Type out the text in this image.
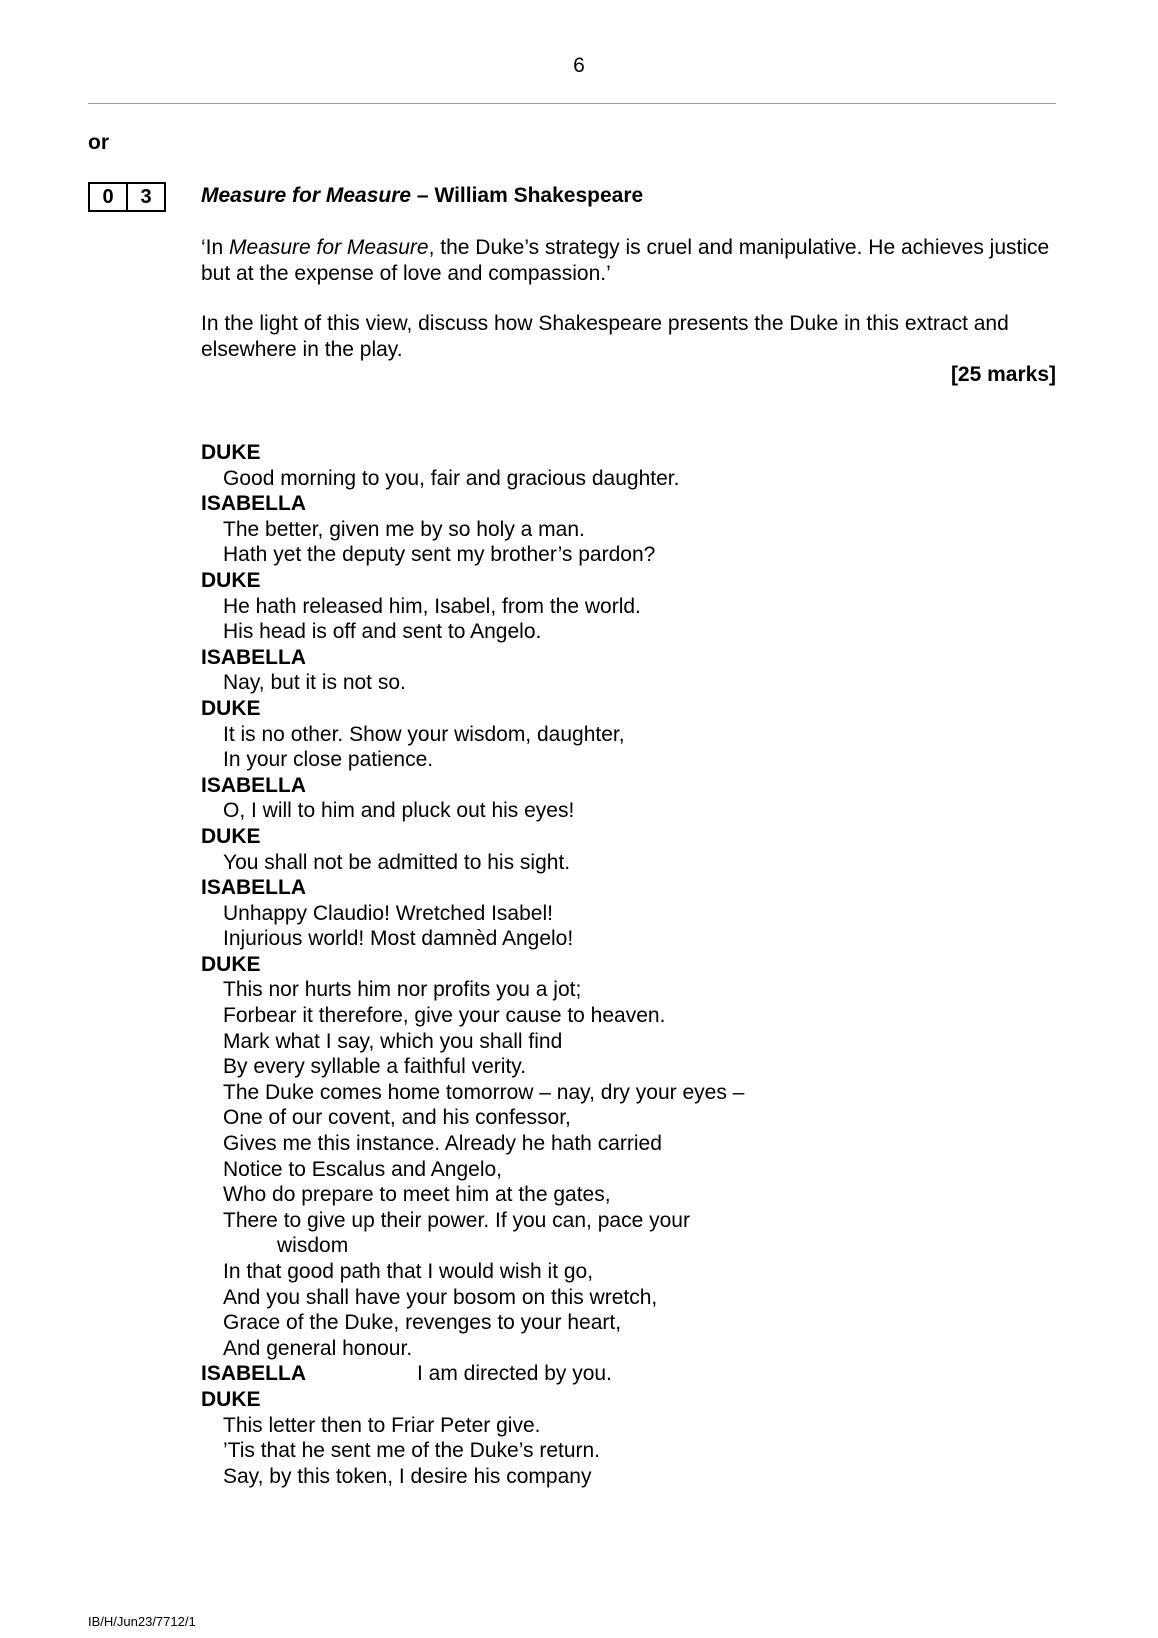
6
or
0	3	Measure for Measure – William Shakespeare
‘In Measure for Measure, the Duke’s strategy is cruel and manipulative. He achieves justice but at the expense of love and compassion.’
In the light of this view, discuss how Shakespeare presents the Duke in this extract and elsewhere in the play.
[25 marks]
DUKE
Good morning to you, fair and gracious daughter.
ISABELLA
The better, given me by so holy a man.
Hath yet the deputy sent my brother’s pardon?
DUKE
He hath released him, Isabel, from the world.
His head is off and sent to Angelo.
ISABELLA
Nay, but it is not so.
DUKE
It is no other. Show your wisdom, daughter,
In your close patience.
ISABELLA
O, I will to him and pluck out his eyes!
DUKE
You shall not be admitted to his sight.
ISABELLA
Unhappy Claudio! Wretched Isabel!
Injurious world! Most damnèd Angelo!
DUKE
This nor hurts him nor profits you a jot;
Forbear it therefore, give your cause to heaven.
Mark what I say, which you shall find
By every syllable a faithful verity.
The Duke comes home tomorrow – nay, dry your eyes –
One of our covent, and his confessor,
Gives me this instance. Already he hath carried
Notice to Escalus and Angelo,
Who do prepare to meet him at the gates,
There to give up their power. If you can, pace your
wisdom
In that good path that I would wish it go,
And you shall have your bosom on this wretch,
Grace of the Duke, revenges to your heart,
And general honour.
ISABELLA	I am directed by you.
DUKE
This letter then to Friar Peter give.
’Tis that he sent me of the Duke’s return.
Say, by this token, I desire his company
IB/H/Jun23/7712/1
